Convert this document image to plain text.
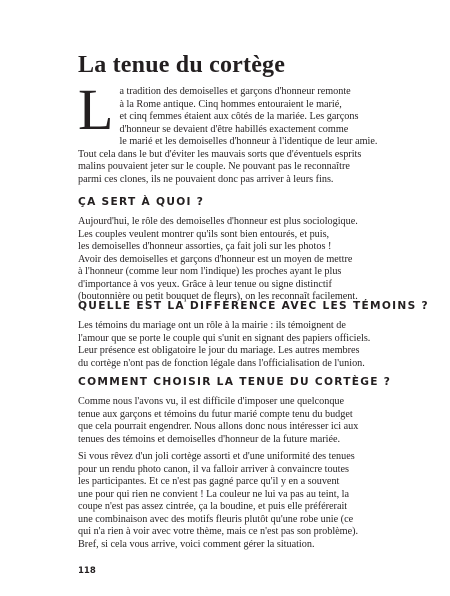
La tenue du cortège
L a tradition des demoiselles et garçons d'honneur remonte

à la Rome antique. Cinq hommes entouraient le marié,

et cinq femmes étaient aux côtés de la mariée. Les garçons

d'honneur se devaient d'être habillés exactement comme

le marié et les demoiselles d'honneur à l'identique de leur amie.

Tout cela dans le but d'éviter les mauvais sorts que d'éventuels esprits

malins pouvaient jeter sur le couple. Ne pouvant pas le reconnaître

parmi ces clones, ils ne pouvaient donc pas arriver à leurs fins.

ÇA SERT À QUOI ?

Aujourd'hui, le rôle des demoiselles d'honneur est plus sociologique.

Les couples veulent montrer qu'ils sont bien entourés, et puis,

les demoiselles d'honneur assorties, ça fait joli sur les photos !

Avoir des demoiselles et garçons d'honneur est un moyen de mettre

à l'honneur (comme leur nom l'indique) les proches ayant le plus

d'importance à vos yeux. Grâce à leur tenue ou signe distinctif

(boutonnière ou petit bouquet de fleurs), on les reconnaît facilement.

QUELLE EST LA DIFFÉRENCE AVEC LES TÉMOINS ?

Les témoins du mariage ont un rôle à la mairie : ils témoignent de

l'amour que se porte le couple qui s'unit en signant des papiers officiels.

Leur présence est obligatoire le jour du mariage. Les autres membres

du cortège n'ont pas de fonction légale dans l'officialisation de l'union.

COMMENT CHOISIR LA TENUE DU CORTÈGE ?

Comme nous l'avons vu, il est difficile d'imposer une quelconque

tenue aux garçons et témoins du futur marié compte tenu du budget

que cela pourrait engendrer. Nous allons donc nous intéresser ici aux

tenues des témoins et demoiselles d'honneur de la future mariée.

Si vous rêvez d'un joli cortège assorti et d'une uniformité des tenues

pour un rendu photo canon, il va falloir arriver à convaincre toutes

les participantes. Et ce n'est pas gagné parce qu'il y en a souvent

une pour qui rien ne convient ! La couleur ne lui va pas au teint, la

coupe n'est pas assez cintrée, ça la boudine, et puis elle préférerait

une combinaison avec des motifs fleuris plutôt qu'une robe unie (ce

qui n'a rien à voir avec votre thème, mais ce n'est pas son problème).

Bref, si cela vous arrive, voici comment gérer la situation.

118
